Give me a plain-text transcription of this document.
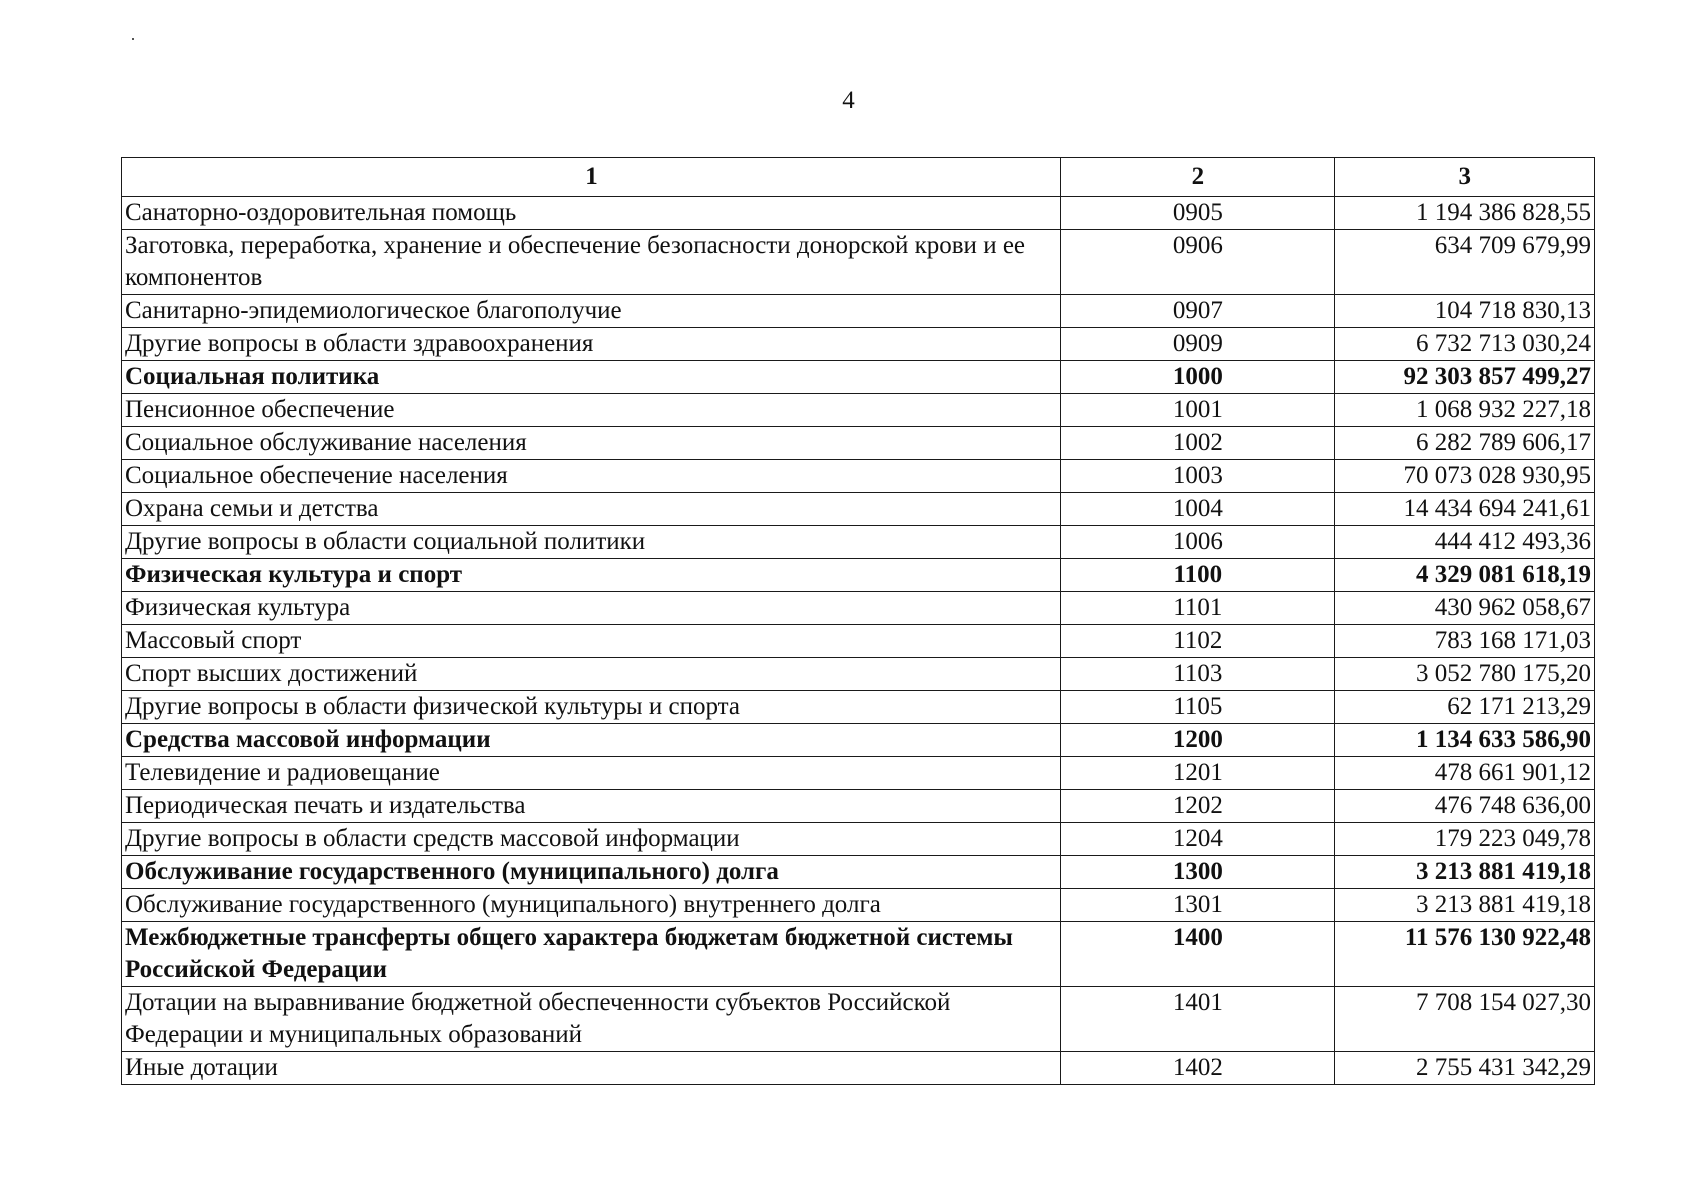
4
1	2	3
Санаторно-оздоровительная помощь	0905	1 194 386 828,55
Заготовка, переработка, хранение и обеспечение безопасности донорской крови и ее компонентов	0906	634 709 679,99
Санитарно-эпидемиологическое благополучие	0907	104 718 830,13
Другие вопросы в области здравоохранения	0909	6 732 713 030,24
Социальная политика	1000	92 303 857 499,27
Пенсионное обеспечение	1001	1 068 932 227,18
Социальное обслуживание населения	1002	6 282 789 606,17
Социальное обеспечение населения	1003	70 073 028 930,95
Охрана семьи и детства	1004	14 434 694 241,61
Другие вопросы в области социальной политики	1006	444 412 493,36
Физическая культура и спорт	1100	4 329 081 618,19
Физическая культура	1101	430 962 058,67
Массовый спорт	1102	783 168 171,03
Спорт высших достижений	1103	3 052 780 175,20
Другие вопросы в области физической культуры и спорта	1105	62 171 213,29
Средства массовой информации	1200	1 134 633 586,90
Телевидение и радиовещание	1201	478 661 901,12
Периодическая печать и издательства	1202	476 748 636,00
Другие вопросы в области средств массовой информации	1204	179 223 049,78
Обслуживание государственного (муниципального) долга	1300	3 213 881 419,18
Обслуживание государственного (муниципального) внутреннего долга	1301	3 213 881 419,18
Межбюджетные трансферты общего характера бюджетам бюджетной системы Российской Федерации	1400	11 576 130 922,48
Дотации на выравнивание бюджетной обеспеченности субъектов Российской Федерации и муниципальных образований	1401	7 708 154 027,30
Иные дотации	1402	2 755 431 342,29
